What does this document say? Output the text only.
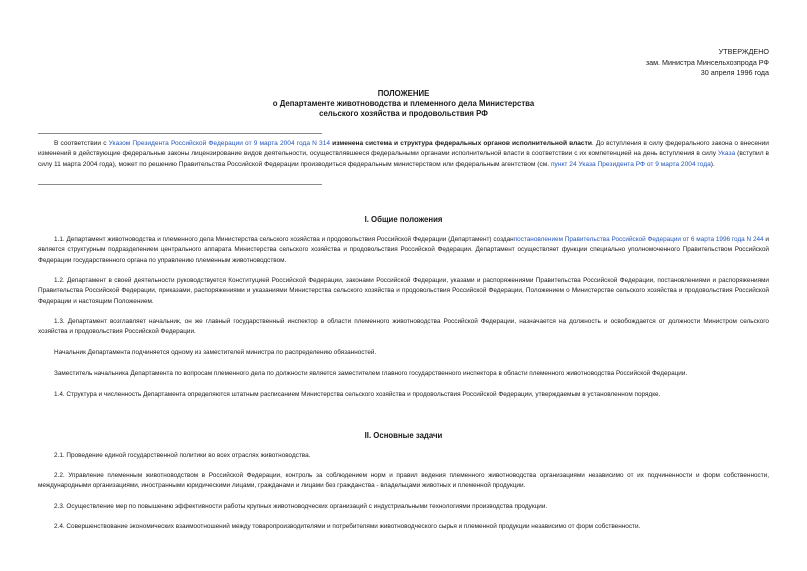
УТВЕРЖДЕНО
зам. Министра Минсельхозпрода РФ
30 апреля 1996 года
ПОЛОЖЕНИЕ
о Департаменте животноводства и племенного дела Министерства
сельского хозяйства и продовольствия РФ
В соответствии с Указом Президента Российской Федерации от 9 марта 2004 года N 314 изменена система и структура федеральных органов исполнительной власти. До вступления в силу федерального закона о внесении изменений в действующие федеральные законы лицензирование видов деятельности, осуществлявшееся федеральными органами исполнительной власти в соответствии с их компетенцией на день вступления в силу Указа (вступил в силу 11 марта 2004 года), может по решению Правительства Российской Федерации производиться федеральным министерством или федеральным агентством (см. пункт 24 Указа Президента РФ от 9 марта 2004 года).
I. Общие положения
1.1. Департамент животноводства и племенного дела Министерства сельского хозяйства и продовольствия Российской Федерации (Департамент) созданпостановлением Правительства Российской Федерации от 6 марта 1996 года N 244 и является структурным подразделением центрального аппарата Министерства сельского хозяйства и продовольствия Российской Федерации. Департамент осуществляет функции специально уполномоченного Правительством Российской Федерации государственного органа по управлению племенным животноводством.
1.2. Департамент в своей деятельности руководствуется Конституцией Российской Федерации, законами Российской Федерации, указами и распоряжениями Правительства Российской Федерации, постановлениями и распоряжениями Правительства Российской Федерации, приказами, распоряжениями и указаниями Министерства сельского хозяйства и продовольствия Российской Федерации, Положением о Министерстве сельского хозяйства и продовольствия Российской Федерации и настоящим Положением.
1.3. Департамент возглавляет начальник, он же главный государственный инспектор в области племенного животноводства Российской Федерации, назначается на должность и освобождается от должности Министром сельского хозяйства и продовольствия Российской Федерации.
Начальник Департамента подчиняется одному из заместителей министра по распределению обязанностей.
Заместитель начальника Департамента по вопросам племенного дела по должности является заместителем главного государственного инспектора в области племенного животноводства Российской Федерации.
1.4. Структура и численность Департамента определяются штатным расписанием Министерства сельского хозяйства и продовольствия Российской Федерации, утверждаемым в установленном порядке.
II. Основные задачи
2.1. Проведение единой государственной политики во всех отраслях животноводства.
2.2. Управление племенным животноводством в Российской Федерации, контроль за соблюдением норм и правил ведения племенного животноводства организациями независимо от их подчиненности и форм собственности, международными организациями, иностранными юридическими лицами, гражданами и лицами без гражданства - владельцами животных и племенной продукции.
2.3. Осуществление мер по повышению эффективности работы крупных животноводческих организаций с индустриальными технологиями производства продукции.
2.4. Совершенствование экономических взаимоотношений между товаропроизводителями и потребителями животноводческого сырья и племенной продукции независимо от форм собственности.
